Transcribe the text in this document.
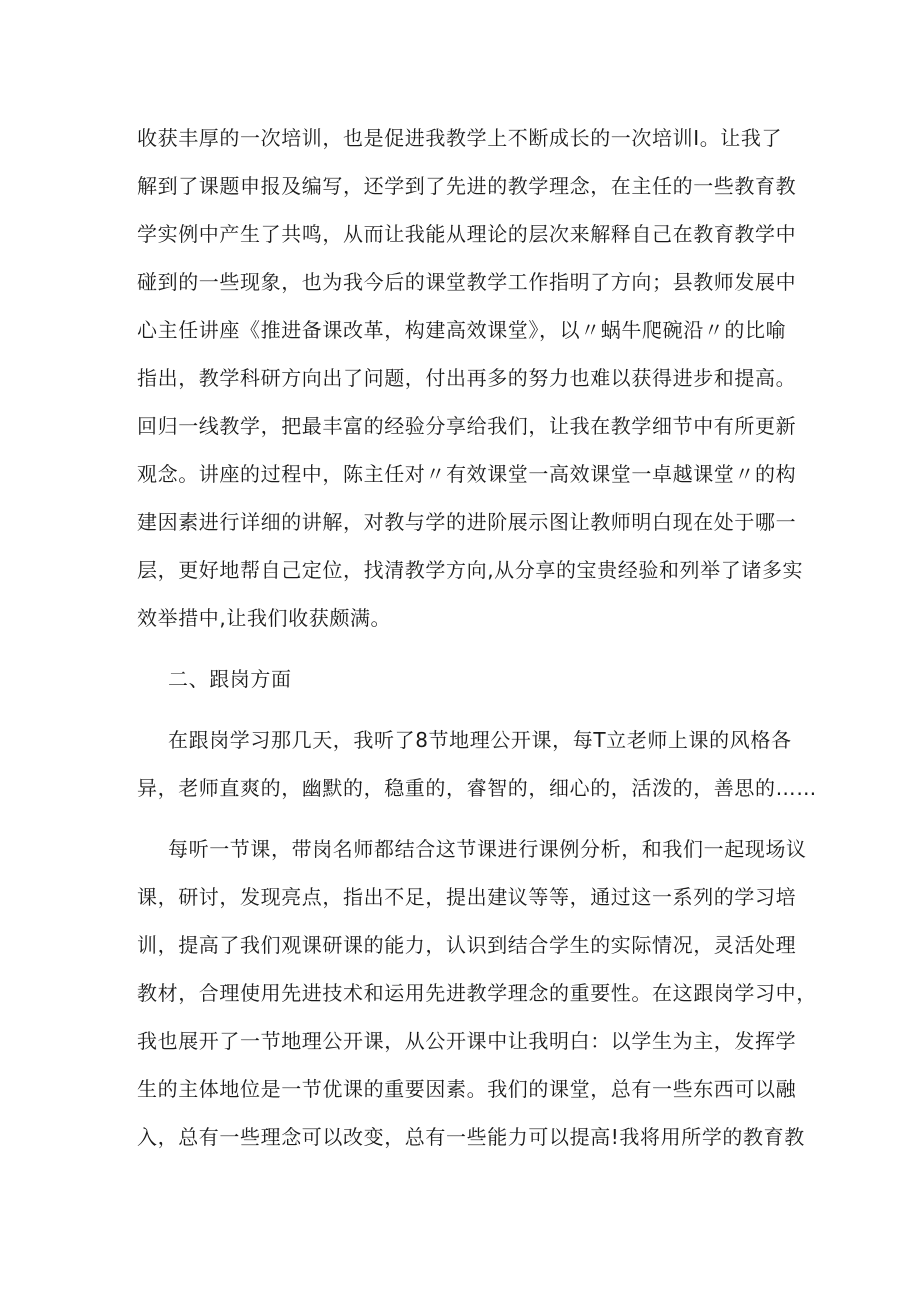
收获丰厚的一次培训，也是促进我教学上不断成长的一次培训Ⅰ。让我了
解到了课题申报及编写，还学到了先进的教学理念，在主任的一些教育教
学实例中产生了共鸣，从而让我能从理论的层次来解释自己在教育教学中
碰到的一些现象，也为我今后的课堂教学工作指明了方向；县教师发展中
心主任讲座《推进备课改革，构建高效课堂》，以〃蜗牛爬碗沿〃的比喻
指出，教学科研方向出了问题，付出再多的努力也难以获得进步和提高。
回归一线教学，把最丰富的经验分享给我们，让我在教学细节中有所更新
观念。讲座的过程中，陈主任对〃有效课堂一高效课堂一卓越课堂〃的构
建因素进行详细的讲解，对教与学的进阶展示图让教师明白现在处于哪一
层，更好地帮自己定位，找清教学方向,从分享的宝贵经验和列举了诸多实
效举措中,让我们收获颇满。
二、跟岗方面
在跟岗学习那几天，我听了8节地理公开课，每T立老师上课的风格各
异，老师直爽的，幽默的，稳重的，睿智的，细心的，活泼的，善思的……
每听一节课，带岗名师都结合这节课进行课例分析，和我们一起现场议
课，研讨，发现亮点，指出不足，提出建议等等，通过这一系列的学习培
训，提高了我们观课研课的能力，认识到结合学生的实际情况，灵活处理
教材，合理使用先进技术和运用先进教学理念的重要性。在这跟岗学习中，
我也展开了一节地理公开课，从公开课中让我明白：以学生为主，发挥学
生的主体地位是一节优课的重要因素。我们的课堂，总有一些东西可以融
入，总有一些理念可以改变，总有一些能力可以提高!我将用所学的教育教
